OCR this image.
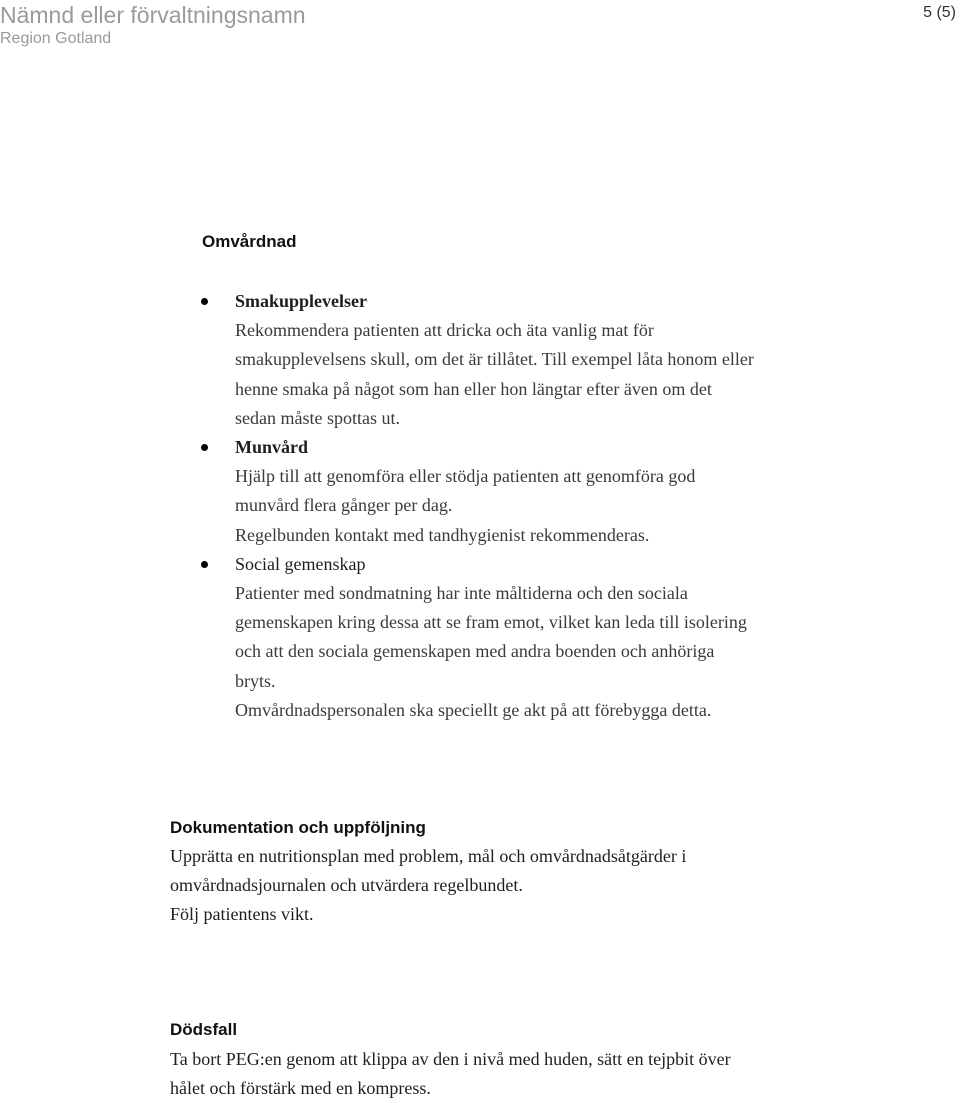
Nämnd eller förvaltningsnamn
Region Gotland
5 (5)
Omvårdnad
Smakupplevelser
Rekommendera patienten att dricka och äta vanlig mat för
smakupplevelsens skull, om det är tillåtet. Till exempel låta honom eller
henne smaka på något som han eller hon längtar efter även om det
sedan måste spottas ut.
Munvård
Hjälp till att genomföra eller stödja patienten att genomföra god
munvård flera gånger per dag.
Regelbunden kontakt med tandhygienist rekommenderas.
Social gemenskap
Patienter med sondmatning har inte måltiderna och den sociala
gemenskapen kring dessa att se fram emot, vilket kan leda till isolering
och att den sociala gemenskapen med andra boenden och anhöriga
bryts.
Omvårdnadspersonalen ska speciellt ge akt på att förebygga detta.
Dokumentation och uppföljning

Upprätta en nutritionsplan med problem, mål och omvårdnadsåtgärder i
omvårdnadsjournalen och utvärdera regelbundet.
Följ patientens vikt.

Dödsfall

Ta bort PEG:en genom att klippa av den i nivå med huden, sätt en tejpbit över
hålet och förstärk med en kompress.
